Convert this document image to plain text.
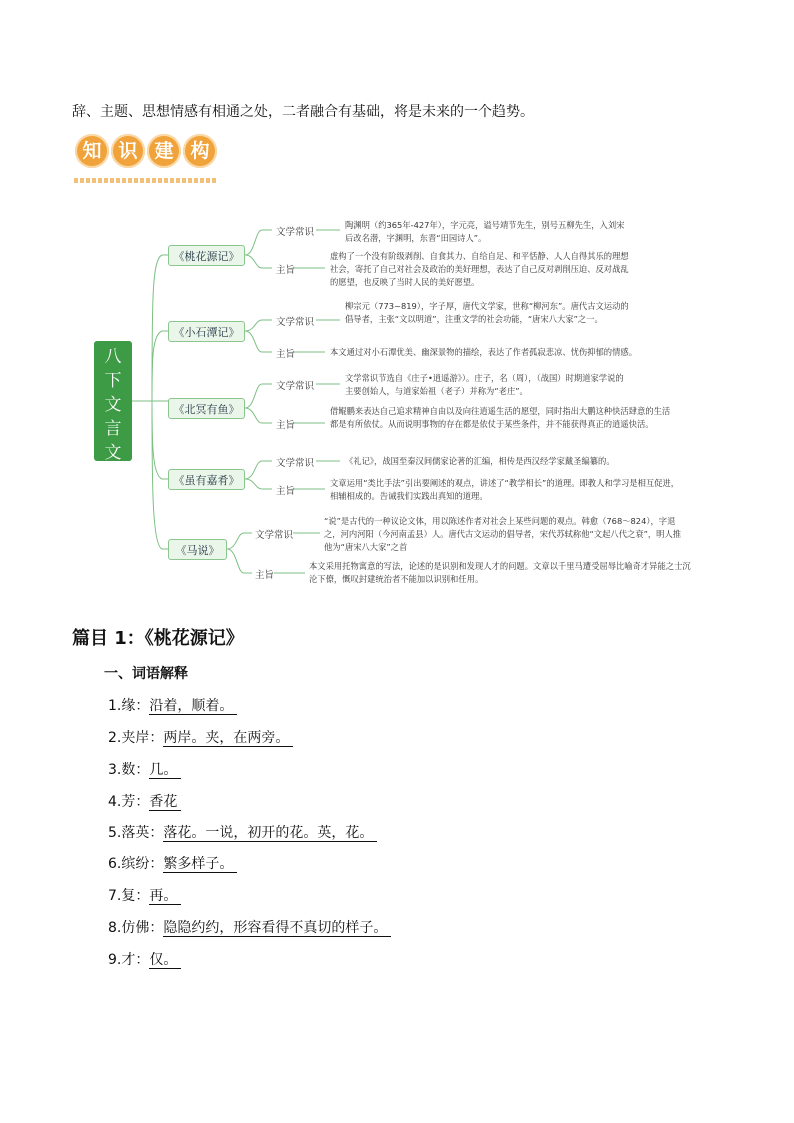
辞、主题、思想情感有相通之处，二者融合有基础，将是未来的一个趋势。
知 识 建 构
八下文言文
《桃花源记》
文学常识
主旨
陶渊明（约365年-427年），字元亮，谥号靖节先生，别号五柳先生，入刘宋后改名潜，字渊明，东晋“田园诗人”。
虚构了一个没有阶级剥削、自食其力、自给自足、和平恬静、人人自得其乐的理想社会，寄托了自己对社会及政治的美好理想，表达了自己反对剥削压迫、反对战乱的愿望，也反映了当时人民的美好愿望。
《小石潭记》
文学常识
主旨
柳宗元（773~819），字子厚，唐代文学家，世称“柳河东”。唐代古文运动的倡导者，主张“文以明道”，注重文学的社会功能，“唐宋八大家”之一。
本文通过对小石潭优美、幽深景物的描绘，表达了作者孤寂悲凉、忧伤抑郁的情感。
《北冥有鱼》
文学常识
主旨
文学常识节选自《庄子•逍遥游》）。庄子，名（周），（战国）时期道家学说的主要创始人，与道家始祖（老子）并称为“老庄”。
借鲲鹏来表达自己追求精神自由以及向往逍遥生活的愿望，同时指出大鹏这种快活肆意的生活都是有所依仗。从而说明事物的存在都是依仗于某些条件，并不能获得真正的逍遥快活。
《虽有嘉肴》
文学常识
主旨
《礼记》，战国至秦汉间儒家论著的汇编，相传是西汉经学家戴圣编纂的。
文章运用“类比手法”引出要阐述的观点，讲述了“教学相长”的道理。即教人和学习是相互促进，相辅相成的。告诫我们实践出真知的道理。
《马说》
文学常识
主旨
“说”是古代的一种议论文体，用以陈述作者对社会上某些问题的观点。韩愈（768～824），字退之，河内河阳（今河南孟县）人。唐代古文运动的倡导者，宋代苏轼称他“文起八代之衰”，明人推他为“唐宋八大家”之首
本文采用托物寓意的写法，论述的是识别和发现人才的问题。文章以千里马遭受屈辱比喻奇才异能之士沉沦下僚，慨叹封建统治者不能加以识别和任用。
篇目 1：《桃花源记》
一、词语解释
1.缘：沿着，顺着。
2.夹岸：两岸。夹，在两旁。
3.数：几。
4.芳：香花
5.落英：落花。一说，初开的花。英，花。
6.缤纷：繁多样子。
7.复：再。
8.仿佛：隐隐约约，形容看得不真切的样子。
9.才：仅。
